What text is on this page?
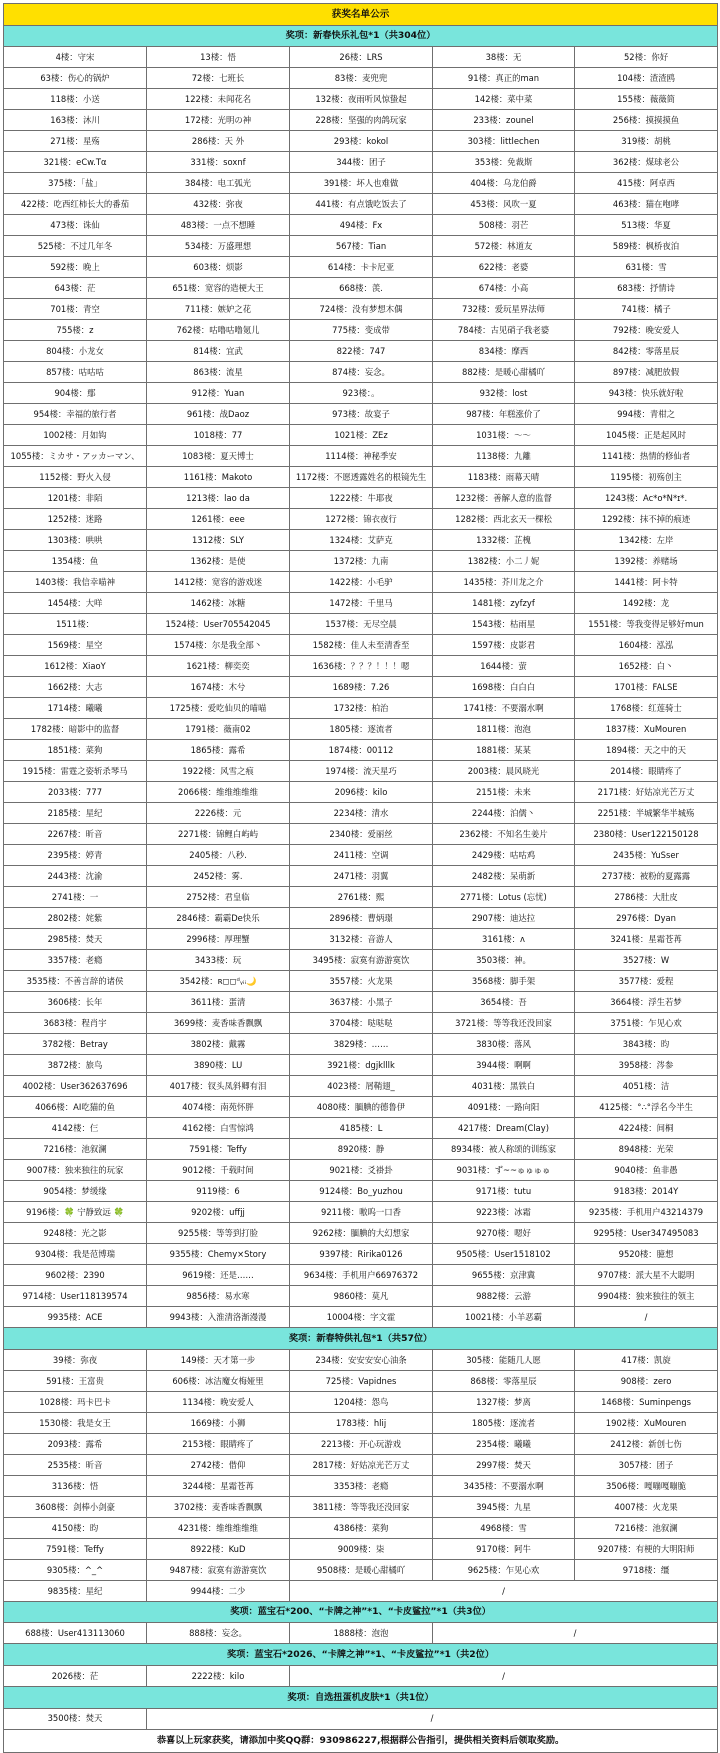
获奖名单公示				
奖项：新春快乐礼包*1（共304位）				
4楼：守宋	13楼：悟	26楼：LRS	38楼：无	52楼：你好
63楼：伤心的锅炉	72楼：七班长	83楼：麦兜兜	91楼：真正的man	104楼：渣渣鸥
118楼：小送	122楼：未闻花名	132楼：夜雨听风惊蛰起	142楼：菜中菜	155楼：薇薇简
163楼：沐川	172楼：光明の神	228楼：坚强的肉鸽玩家	233楼：zounel	256楼：摸摸摸鱼
271楼：星殇	286楼：天 外	293楼：kokol	303楼：littlechen	319楼：胡桃
321楼：eCw.Tα	331楼：soxnf	344楼：团子	353楼：免裁斯	362楼：煤球老公
375楼：「盐」	384楼：电工弧光	391楼：坏人也难做	404楼：乌龙伯爵	415楼：阿卓西
422楼：吃西红柿长大的番茄	432楼：弥夜	441楼：有点饿吃饭去了	453楼：风吹一夏	463楼：猫在咆哮
473楼：诛仙	483楼：一点不想睡	494楼：Fx	508楼：羽芒	513楼：华夏
525楼：不过几年冬	534楼：万盛理想	567楼：Tian	572楼：林道友	589楼：枫桥夜泊
592楼：晚上	603楼：烦影	614楼：卡卡尼亚	622楼：老婆	631楼：雪
643楼：茫	651楼：宽容的造梗大王	668楼：羡.	674楼：小高	683楼：抒情诗
701楼：青空	711楼：嫉妒之花	724楼：没有梦想木偶	732楼：爱玩星界法师	741楼：橘子
755楼：z	762楼：咕噜咕噜氪儿	775楼：变成带	784楼：古见硝子我老婆	792楼：晚安爱人
804楼：小龙女	814楼：宜武	822楼：747	834楼：摩西	842楼：零落星辰
857楼：咕咕咕	863楼：流星	874楼：妄念。	882楼：是暖心甜橘吖	897楼：减肥放假
904楼：鄢	912楼：Yuan	923楼：。	932楼：lost	943楼：快乐就好啦
954楼：幸福的旅行者	961楼：战Daoz	973楼：故宴子	987楼：年糕涨价了	994楼：青柑之
1002楼：月如钩	1018楼：77	1021楼：ZEz	1031楼：～～	1045楼：正是起风时
1055楼：ミカサ・アッカーマン、	1083楼：夏天博士	1114楼：神秘季安	1138楼：九離	1141楼：热情的修仙者
1152楼：野火入侵	1161楼：Makoto	1172楼：不愿透露姓名的根镜先生	1183楼：雨幕天晴	1195楼：初殇创主
1201楼：非陌	1213楼：lao da	1222楼：牛耶夜	1232楼：善解人意的监督	1243楼：Ac*o*N*ɪ*.
1252楼：迷路	1261楼：eee	1272楼：锦衣夜行	1282楼：西北玄天一棵松	1292楼：抹不掉的痕迹
1303楼：哄哄	1312楼：SLY	1324楼：艾萨克	1332楼：芷槐	1342楼：左岸
1354楼：鱼	1362楼：是使	1372楼：九南	1382楼：小二丿妮	1392楼：养赌场
1403楼：我信幸喵神	1412楼：宽容的游戏迷	1422楼：小毛驴	1435楼：芥川龙之介	1441楼：阿卡特
1454楼：大咩	1462楼：冰糖	1472楼：千里马	1481楼：zyfzyf	1492楼：龙
1511楼：	1524楼：User705542045	1537楼：无尽空晨	1543楼：枯雨星	1551楼：等我变得足够好mun
1569楼：星空	1574楼：尔是我全部丶	1582楼：佳人未至清香至	1597楼：皮影君	1604楼：泓泓
1612楼：XiaoY	1621楼：柳奕奕	1636楼：？？？！！！嗯	1644楼：萤	1652楼：白丶
1662楼：大志	1674楼：木兮	1689楼：7.26	1698楼：白白白	1701楼：FALSE
1714楼：曦曦	1725楼：爱吃仙贝的喵喵	1732楼：柏治	1741楼：不要溺水啊	1768楼：红莲骑士
1782楼：暗影中的监督	1791楼：薇南02	1805楼：逐流者	1811楼：泡泡	1837楼：XuMouren
1851楼：菜狗	1865楼：露希	1874楼：00112	1881楼：某某	1894楼：天之中的天
1915楼：雷霆之姿斩杀琴马	1922楼：风雪之痕	1974楼：流天星巧	2003楼：晨风晓光	2014楼：眼睛疼了
2033楼：777	2066楼：维维维维维	2096楼：kilo	2151楼：未来	2171楼：好姑凉光芒万丈
2185楼：星纪	2226楼：元	2234楼：清水	2244楼：泊儒丶	2251楼：半城繁华半城殇
2267楼：昕音	2271楼：锦鲤白屿屿	2340楼：爱丽丝	2362楼：不知名生姜片	2380楼：User122150128
2395楼：婷青	2405楼：八秒.	2411楼：空调	2429楼：咕咕鸡	2435楼：YuSser
2443楼：沈渝	2452楼：雾.	2471楼：羽翼	2482楼：呆萌新	2737楼：被粉的夏露露
2741楼：一	2752楼：君皇临	2761楼：熙	2771楼：Lotus (忘忧)	2786楼：大肚皮
2802楼：姹紫	2846楼：霸霸De快乐	2896楼：曹炳璟	2907楼：迪达拉	2976楼：Dyan
2985楼：焚天	2996楼：厚理蟹	3132楼：音游人	3161楼：ʌ	3241楼：星霜苍苒
3357楼：老瘾	3433楼：玩	3495楼：寂寞有游游寞饮	3503楼：神。	3527楼：W
3535楼：不善言辞的诸侯	3542楼：ʀ◻◻ᵈᵧᵢᵢ🌙	3557楼：火龙果	3568楼：脚手架	3577楼：爱程
3606楼：长年	3611楼：蛋清	3637楼：小黑子	3654楼：吾	3664楼：浮生若梦
3683楼：程肖宇	3699楼：麦香味香飘飘	3704楼：哒哒哒	3721楼：等等我还没回家	3751楼：乍见心欢
3782楼：Betray	3802楼：戴霧	3829楼：……	3830楼：落风	3843楼：昀
3872楼：旅鸟	3890楼：LU	3921楼：dgjklllk	3944楼：啊啊	3958楼：涔参
4002楼：User362637696	4017楼：钗头凤斜卿有泪	4023楼：屑鞘翅_	4031楼：黑铁白	4051楼：洁
4066楼：AI吃猫的鱼	4074楼：南苑怀胖	4080楼：腼腆的德鲁伊	4091楼：一路向阳	4125楼：°∴°浮名今半生
4142楼：仨	4162楼：白雪惊鸿	4185楼：L	4217楼：Dream(Clay)	4224楼：间桐
7216楼：池叙澜	7591楼：Teffy	8920楼：静	8934楼：被人称颂的训练家	8948楼：光荣
9007楼：独来独往的玩家	9012楼：千载时间	9021楼：爻褂卦	9031楼：ず~~ゅゅゅゅ	9040楼：鱼非愚
9054楼：梦缓缘	9119楼：6	9124楼：Bo_yuzhou	9171楼：tutu	9183楼：2014Y
9196楼：🍀 宁静致远 🍀	9202楼：uffjj	9211楼：嗷呜一口香	9223楼：冰霜	9235楼：手机用户43214379
9248楼：光之影	9255楼：等等到打脸	9262楼：腼腆的大幻想家	9270楼：嗯好	9295楼：User347495083
9304楼：我是范博瑞	9355楼：Chemy×Story	9397楼：Ririka0126	9505楼：User1518102	9520楼：臆想
9602楼：2390	9619楼：还是……	9634楼：手机用户66976372	9655楼：京津冀	9707楼：派大星不大聪明
9714楼：User118139574	9856楼：易水寒	9860楼：莫凡	9882楼：云游	9904楼：独来独往的领主
9935楼：ACE	9943楼：入淮清洛渐漫漫	10004楼：字文霍	10021楼：小羊恶霸	/
奖项：新春特供礼包*1（共57位）				
39楼：弥夜	149楼：天才第一步	234楼：安安安安心油条	305楼：能随几人愿	417楼：凯旋
591楼：王富贵	606楼：冰洁魔女梅娅里	725楼：Vapidnes	868楼：零落星辰	908楼：zero
1028楼：玛卡巴卡	1134楼：晚安爱人	1204楼：怨鸟	1327楼：梦离	1468楼：Suminpengs
1530楼：我是女王	1669楼：小狮	1783楼：hlij	1805楼：逐流者	1902楼：XuMouren
2093楼：露希	2153楼：眼睛疼了	2213楼：开心玩游戏	2354楼：曦曦	2412楼：新创七伤
2535楼：昕音	2742楼：借仰	2817楼：好姑凉光芒万丈	2997楼：焚天	3057楼：团子
3136楼：悟	3244楼：星霜苍苒	3353楼：老瘾	3435楼：不要溺水啊	3506楼：嘎嘣嘎嘣脆
3608楼：剑棒小剑豪	3702楼：麦香味香飘飘	3811楼：等等我还没回家	3945楼：九星	4007楼：火龙果
4150楼：昀	4231楼：维维维维维	4386楼：菜狗	4968楼：雪	7216楼：池叙澜
7591楼：Teffy	8922楼：KuD	9009楼：柒	9170楼：阿牛	9207楼：有梗的大明阳师
9305楼：^_^	9487楼：寂寞有游游寞饮	9508楼：是暖心甜橘吖	9625楼：乍见心欢	9718楼：缰
9835楼：星纪	9944楼：二少	/		
奖项：蓝宝石*200、“卡牌之神”*1、“卡皮鲨拉”*1（共3位）				
688楼：User413113060	888楼：妄念。	1888楼：泡泡	/	
奖项：蓝宝石*2026、“卡牌之神”*1、“卡皮鲨拉”*1（共2位）				
2026楼：茫	2222楼：kilo	/		
奖项：自选扭蛋机皮肤*1（共1位）				
3500楼：焚天	/			
恭喜以上玩家获奖，请添加中奖QQ群：930986227,根据群公告指引，提供相关资料后领取奖励。				
